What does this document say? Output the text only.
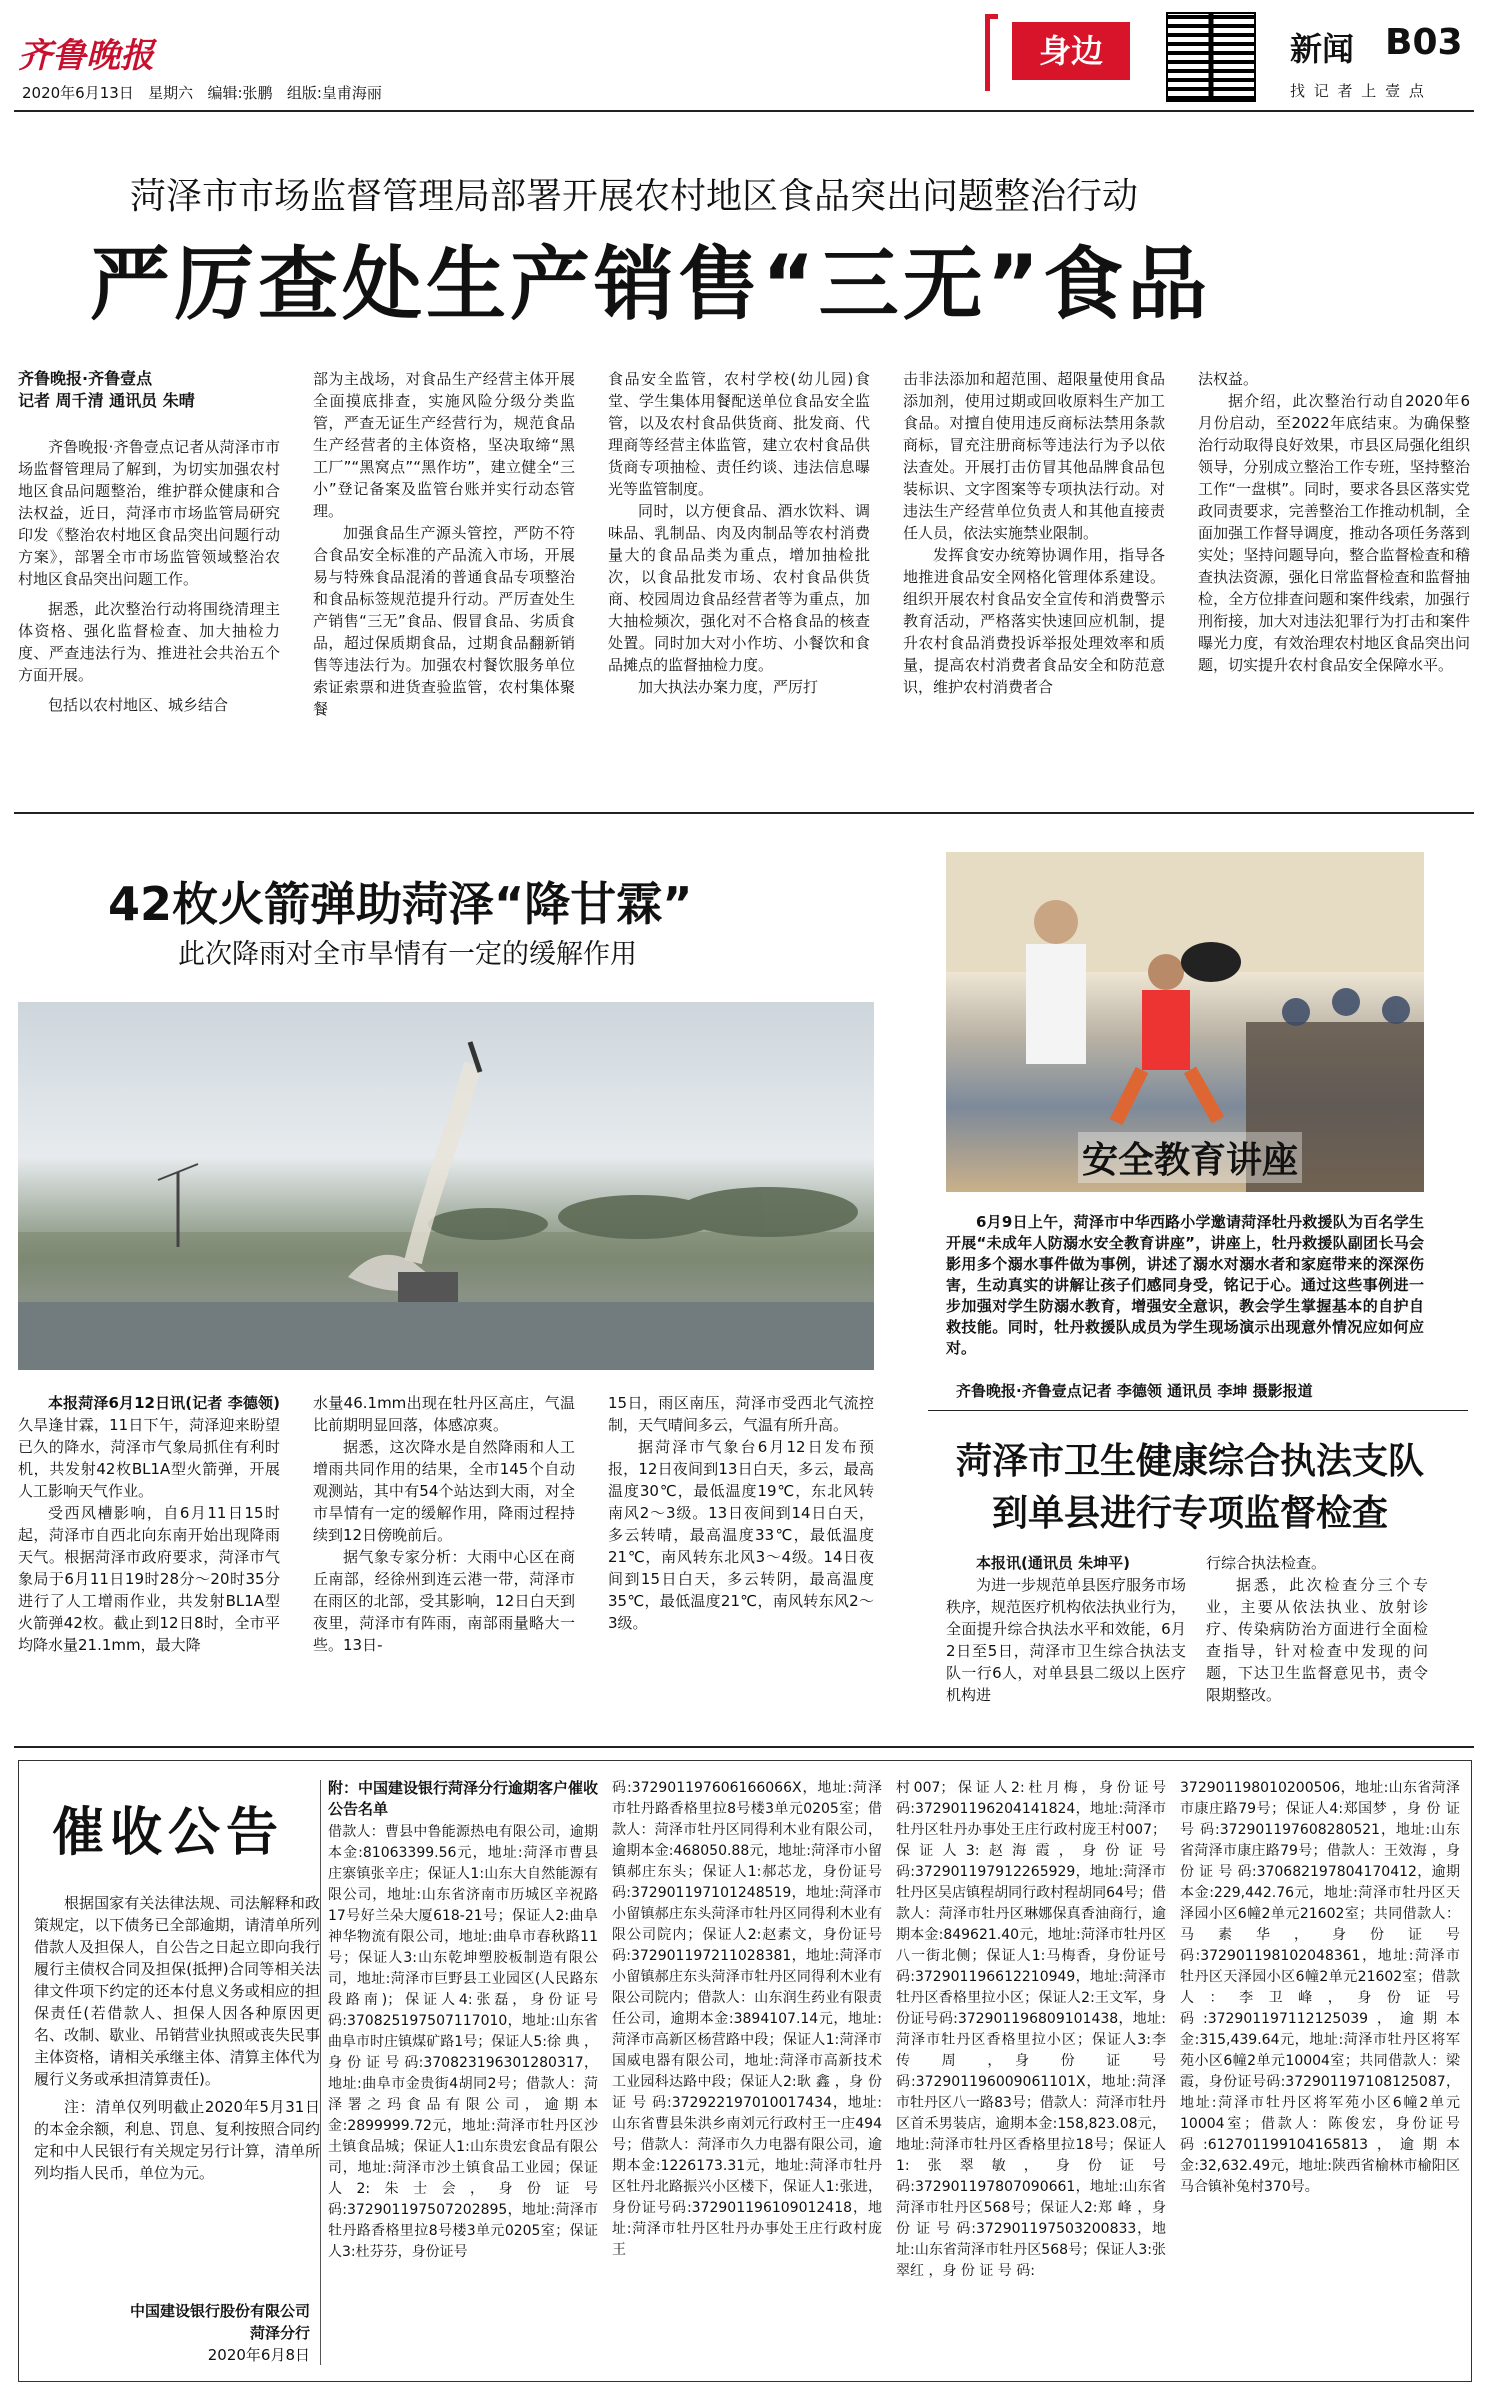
齐鲁晚报
2020年6月13日 星期六 编辑:张鹏 组版:皇甫海丽
身边	新闻 B03
找 记 者 上 壹 点
菏泽市市场监督管理局部署开展农村地区食品突出问题整治行动
严厉查处生产销售“三无”食品
齐鲁晚报·齐鲁壹点
记者 周千清 通讯员 朱晴

齐鲁晚报·齐鲁壹点记者从菏泽市市场监督管理局了解到，为切实加强农村地区食品问题整治，维护群众健康和合法权益，近日，菏泽市市场监管局研究印发《整治农村地区食品突出问题行动方案》，部署全市市场监管领域整治农村地区食品突出问题工作。

据悉，此次整治行动将围绕清理主体资格、强化监督检查、加大抽检力度、严查违法行为、推进社会共治五个方面开展。

包括以农村地区、城乡结合

部为主战场，对食品生产经营主体开展全面摸底排查，实施风险分级分类监管，严查无证生产经营行为，规范食品生产经营者的主体资格，坚决取缔“黑工厂”“黑窝点”“黑作坊”，建立健全“三小”登记备案及监管台账并实行动态管理。

加强食品生产源头管控，严防不符合食品安全标准的产品流入市场，开展易与特殊食品混淆的普通食品专项整治和食品标签规范提升行动。严厉查处生产销售“三无”食品、假冒食品、劣质食品，超过保质期食品，过期食品翻新销售等违法行为。加强农村餐饮服务单位索证索票和进货查验监管，农村集体聚餐

食品安全监管，农村学校(幼儿园)食堂、学生集体用餐配送单位食品安全监管，以及农村食品供货商、批发商、代理商等经营主体监管，建立农村食品供货商专项抽检、责任约谈、违法信息曝光等监管制度。

同时，以方便食品、酒水饮料、调味品、乳制品、肉及肉制品等农村消费量大的食品品类为重点，增加抽检批次，以食品批发市场、农村食品供货商、校园周边食品经营者等为重点，加大抽检频次，强化对不合格食品的核查处置。同时加大对小作坊、小餐饮和食品摊点的监督抽检力度。

加大执法办案力度，严厉打

击非法添加和超范围、超限量使用食品添加剂，使用过期或回收原料生产加工食品。对擅自使用违反商标法禁用条款商标，冒充注册商标等违法行为予以依法查处。开展打击仿冒其他品牌食品包装标识、文字图案等专项执法行动。对违法生产经营单位负责人和其他直接责任人员，依法实施禁业限制。

发挥食安办统筹协调作用，指导各地推进食品安全网格化管理体系建设。组织开展农村食品安全宣传和消费警示教育活动，严格落实快速回应机制，提升农村食品消费投诉举报处理效率和质量，提高农村消费者食品安全和防范意识，维护农村消费者合

法权益。

据介绍，此次整治行动自2020年6月份启动，至2022年底结束。为确保整治行动取得良好效果，市县区局强化组织领导，分别成立整治工作专班，坚持整治工作“一盘棋”。同时，要求各县区落实党政同责要求，完善整治工作推动机制，全面加强工作督导调度，推动各项任务落到实处；坚持问题导向，整合监督检查和稽查执法资源，强化日常监督检查和监督抽检，全方位排查问题和案件线索，加强行刑衔接，加大对违法犯罪行为打击和案件曝光力度，有效治理农村地区食品突出问题，切实提升农村食品安全保障水平。

42枚火箭弹助菏泽“降甘霖”
此次降雨对全市旱情有一定的缓解作用

本报菏泽6月12日讯(记者 李德领)久旱逢甘霖，11日下午，菏泽迎来盼望已久的降水，菏泽市气象局抓住有利时机，共发射42枚BL1A型火箭弹，开展人工影响天气作业。

受西风槽影响，自6月11日15时起，菏泽市自西北向东南开始出现降雨天气。根据菏泽市政府要求，菏泽市气象局于6月11日19时28分～20时35分进行了人工增雨作业，共发射BL1A型火箭弹42枚。截止到12日8时，全市平均降水量21.1mm，最大降

水量46.1mm出现在牡丹区高庄，气温比前期明显回落，体感凉爽。

据悉，这次降水是自然降雨和人工增雨共同作用的结果，全市145个自动观测站，其中有54个站达到大雨，对全市旱情有一定的缓解作用，降雨过程持续到12日傍晚前后。

据气象专家分析：大雨中心区在商丘南部，经徐州到连云港一带，菏泽市在雨区的北部，受其影响，12日白天到夜里，菏泽市有阵雨，南部雨量略大一些。13日-

15日，雨区南压，菏泽市受西北气流控制，天气晴间多云，气温有所升高。

据菏泽市气象台6月12日发布预报，12日夜间到13日白天，多云，最高温度30℃，最低温度19℃，东北风转南风2～3级。13日夜间到14日白天，多云转晴，最高温度33℃，最低温度21℃，南风转东北风3～4级。14日夜间到15日白天，多云转阴，最高温度35℃，最低温度21℃，南风转东风2～3级。

安全教育讲座

6月9日上午，菏泽市中华西路小学邀请菏泽牡丹救援队为百名学生开展“未成年人防溺水安全教育讲座”，讲座上，牡丹救援队副团长马会影用多个溺水事件做为事例，讲述了溺水对溺水者和家庭带来的深深伤害，生动真实的讲解让孩子们感同身受，铭记于心。通过这些事例进一步加强对学生防溺水教育，增强安全意识，教会学生掌握基本的自护自救技能。同时，牡丹救援队成员为学生现场演示出现意外情况应如何应对。

齐鲁晚报·齐鲁壹点记者 李德领 通讯员 李坤 摄影报道
菏泽市卫生健康综合执法支队
到单县进行专项监督检查

本报讯(通讯员 朱坤平)

为进一步规范单县医疗服务市场秩序，规范医疗机构依法执业行为，全面提升综合执法水平和效能，6月2日至5日，菏泽市卫生综合执法支队一行6人，对单县县二级以上医疗机构进

行综合执法检查。

据悉，此次检查分三个专业，主要从依法执业、放射诊疗、传染病防治方面进行全面检查指导，针对检查中发现的问题，下达卫生监督意见书，责令限期整改。

催收公告

根据国家有关法律法规、司法解释和政策规定，以下债务已全部逾期，请清单所列借款人及担保人，自公告之日起立即向我行履行主债权合同及担保(抵押)合同等相关法律文件项下约定的还本付息义务或相应的担保责任(若借款人、担保人因各种原因更名、改制、歇业、吊销营业执照或丧失民事主体资格，请相关承继主体、清算主体代为履行义务或承担清算责任)。

注：清单仅列明截止2020年5月31日的本金余额，利息、罚息、复利按照合同约定和中人民银行有关规定另行计算，清单所列均指人民币，单位为元。

中国建设银行股份有限公司
菏泽分行
2020年6月8日
附：中国建设银行菏泽分行逾期客户催收公告名单

借款人：曹县中鲁能源热电有限公司，逾期本金:81063399.56元，地址:菏泽市曹县庄寨镇张辛庄；保证人1:山东大自然能源有限公司，地址:山东省济南市历城区辛祝路17号好兰朵大厦618-21号；保证人2:曲阜神华物流有限公司，地址:曲阜市春秋路11号；保证人3:山东乾坤塑胶板制造有限公司，地址:菏泽市巨野县工业园区(人民路东段路南)；保证人4:张磊，身份证号码:370825197507117010，地址:山东省曲阜市时庄镇煤矿路1号；保证人5:徐 典 ，身 份 证 号 码:370823196301280317，地址:曲阜市金贵街4胡同2号；借款人：菏泽署之玛食品有限公司，逾期本金:2899999.72元，地址:菏泽市牡丹区沙土镇食品城；保证人1:山东贵宏食品有限公司，地址:菏泽市沙土镇食品工业园；保证人2:朱士会，身份证号码:372901197507202895，地址:菏泽市牡丹路香格里拉8号楼3单元0205室；保证人3:杜芬芬，身份证号

码:372901197606166066X，地址:菏泽市牡丹路香格里拉8号楼3单元0205室；借款人：菏泽市牡丹区同得利木业有限公司，逾期本金:468050.88元，地址:菏泽市小留镇郝庄东头；保证人1:郝芯龙，身份证号码:372901197101248519，地址:菏泽市小留镇郝庄东头菏泽市牡丹区同得利木业有限公司院内；保证人2:赵素文，身份证号码:372901197211028381，地址:菏泽市小留镇郝庄东头菏泽市牡丹区同得利木业有限公司院内；借款人：山东润生药业有限责任公司，逾期本金:3894107.14元，地址:菏泽市高新区杨营路中段；保证人1:菏泽市国威电器有限公司，地址:菏泽市高新技术工业园科达路中段；保证人2:耿 鑫 ，身 份 证 号 码:372922197010017434，地址:山东省曹县朱洪乡南刘元行政村王一庄494号；借款人：菏泽市久力电器有限公司，逾期本金:1226173.31元，地址:菏泽市牡丹区牡丹北路振兴小区楼下，保证人1:张进，身份证号码:372901196109012418，地址:菏泽市牡丹区牡丹办事处王庄行政村庞王

村007；保证人2:杜月梅，身份证号码:372901196204141824，地址:菏泽市牡丹区牡丹办事处王庄行政村庞王村007；保证人3:赵海霞，身份证号码:372901197912265929，地址:菏泽市牡丹区吴店镇程胡同行政村程胡同64号；借款人：菏泽市牡丹区琳娜保真香油商行，逾期本金:849621.40元，地址:菏泽市牡丹区八一街北侧；保证人1:马梅香，身份证号码:372901196612210949，地址:菏泽市牡丹区香格里拉小区；保证人2:王文军，身份证号码:372901196809101438，地址:菏泽市牡丹区香格里拉小区；保证人3:李 传 周 ，身 份 证 号 码:372901196009061101X，地址:菏泽市牡丹区八一路83号；借款人：菏泽市牡丹区首禾男装店，逾期本金:158,823.08元，地址:菏泽市牡丹区香格里拉18号；保证人1:张翠敏，身份证号码:372901197807090661，地址:山东省菏泽市牡丹区568号；保证人2:郑 峰 ，身 份 证 号 码:372901197503200833，地址:山东省菏泽市牡丹区568号；保证人3:张翠红 ，身 份 证 号 码:

372901198010200506，地址:山东省菏泽市康庄路79号；保证人4:郑国梦 ，身 份 证 号 码:372901197608280521，地址:山东省菏泽市康庄路79号；借款人：王效海 ，身 份 证 号 码:370682197804170412，逾期本金:229,442.76元，地址:菏泽市牡丹区天泽园小区6幢2单元21602室；共同借款人：马素华，身份证号码:372901198102048361，地址:菏泽市牡丹区天泽园小区6幢2单元21602室；借款人：李卫峰，身份证号码:372901197112125039，逾期本金:315,439.64元，地址:菏泽市牡丹区将军苑小区6幢2单元10004室；共同借款人：梁霞，身份证号码:372901197108125087，地址:菏泽市牡丹区将军苑小区6幢2单元10004室；借款人：陈俊宏，身份证号码:612701199104165813，逾期本金:32,632.49元，地址:陕西省榆林市榆阳区马合镇补兔村370号。
